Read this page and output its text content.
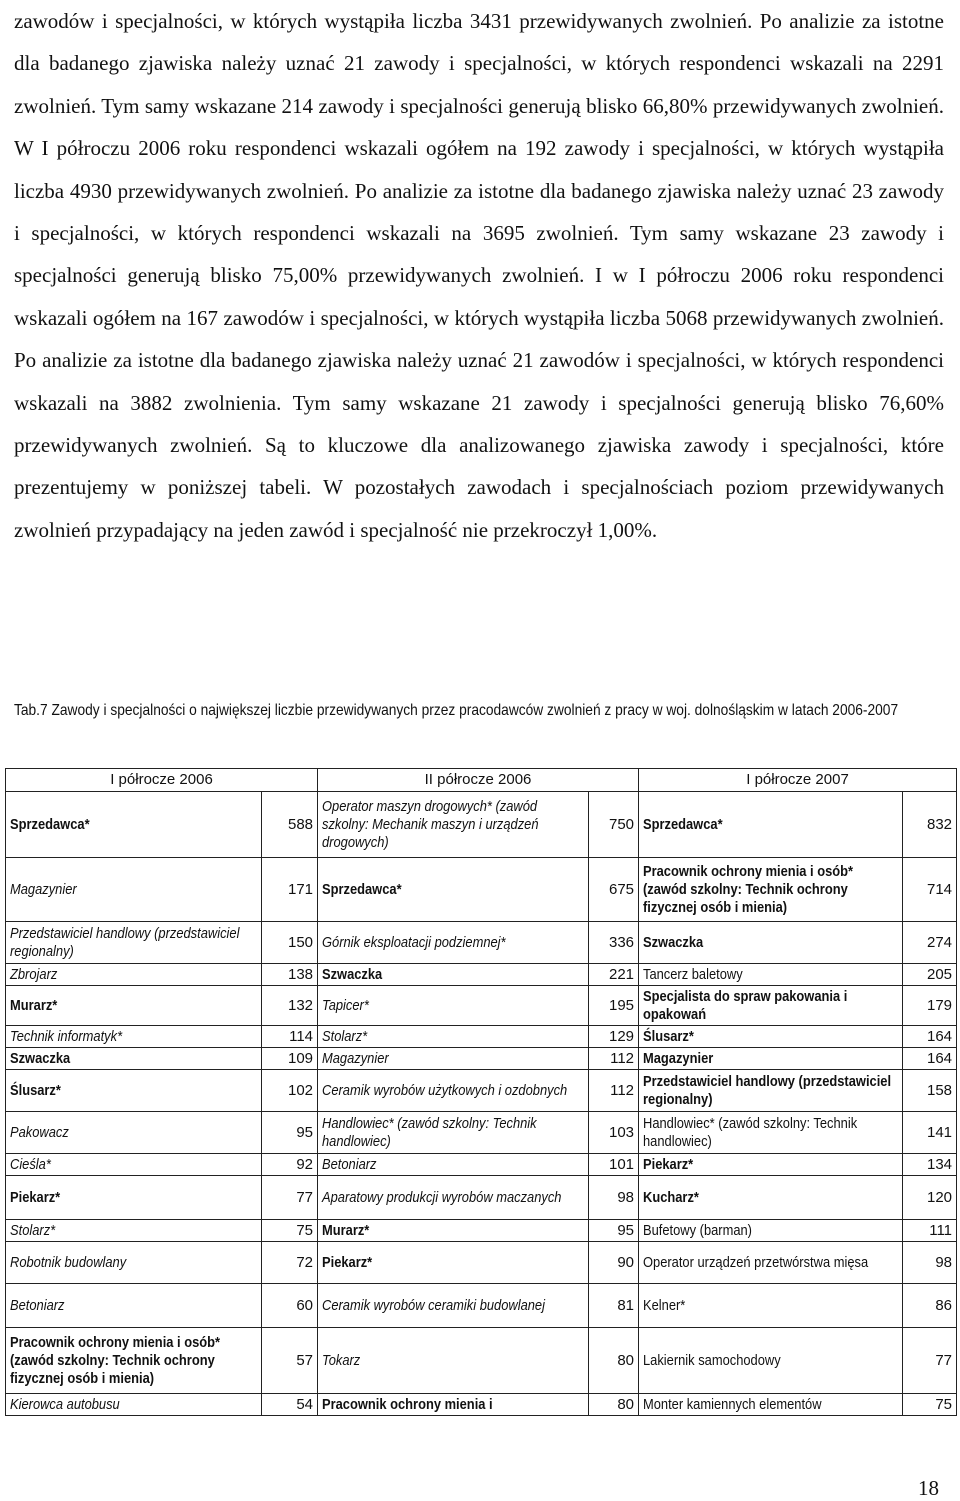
zawodów i specjalności, w których wystąpiła liczba 3431 przewidywanych zwolnień. Po analizie za istotne dla badanego zjawiska należy uznać 21 zawody i specjalności, w których respondenci wskazali na 2291 zwolnień. Tym samy wskazane 214 zawody i specjalności generują blisko 66,80% przewidywanych zwolnień. W I półroczu 2006 roku respondenci wskazali ogółem na 192 zawody i specjalności, w których wystąpiła liczba 4930 przewidywanych zwolnień. Po analizie za istotne dla badanego zjawiska należy uznać 23 zawody i specjalności, w których respondenci wskazali na 3695 zwolnień. Tym samy wskazane 23 zawody i specjalności generują blisko 75,00% przewidywanych zwolnień. I w I półroczu 2006 roku respondenci wskazali ogółem na 167 zawodów i specjalności, w których wystąpiła liczba 5068 przewidywanych zwolnień. Po analizie za istotne dla badanego zjawiska należy uznać 21 zawodów i specjalności, w których respondenci wskazali na 3882 zwolnienia. Tym samy wskazane 21 zawody i specjalności generują blisko 76,60% przewidywanych zwolnień. Są to kluczowe dla analizowanego zjawiska zawody i specjalności, które prezentujemy w poniższej tabeli. W pozostałych zawodach i specjalnościach poziom przewidywanych zwolnień przypadający na jeden zawód i specjalność nie przekroczył 1,00%.

Tab.7 Zawody i specjalności o największej liczbie przewidywanych przez pracodawców zwolnień z pracy w woj. dolnośląskim w latach 2006-2007

I półrocze 2006		II półrocze 2006		I półrocze 2007	
Sprzedawca*	588	Operator maszyn drogowych* (zawód szkolny: Mechanik maszyn i urządzeń drogowych)	750	Sprzedawca*	832
Magazynier	171	Sprzedawca*	675	Pracownik ochrony mienia i osób* (zawód szkolny: Technik ochrony fizycznej osób i mienia)	714
Przedstawiciel handlowy (przedstawiciel regionalny)	150	Górnik eksploatacji podziemnej*	336	Szwaczka	274
Zbrojarz	138	Szwaczka	221	Tancerz baletowy	205
Murarz*	132	Tapicer*	195	Specjalista do spraw pakowania i opakowań	179
Technik informatyk*	114	Stolarz*	129	Ślusarz*	164
Szwaczka	109	Magazynier	112	Magazynier	164
Ślusarz*	102	Ceramik wyrobów użytkowych i ozdobnych	112	Przedstawiciel handlowy (przedstawiciel regionalny)	158
Pakowacz	95	Handlowiec* (zawód szkolny: Technik handlowiec)	103	Handlowiec* (zawód szkolny: Technik handlowiec)	141
Cieśla*	92	Betoniarz	101	Piekarz*	134
Piekarz*	77	Aparatowy produkcji wyrobów maczanych	98	Kucharz*	120
Stolarz*	75	Murarz*	95	Bufetowy (barman)	111
Robotnik budowlany	72	Piekarz*	90	Operator urządzeń przetwórstwa mięsa	98
Betoniarz	60	Ceramik wyrobów ceramiki budowlanej	81	Kelner*	86
Pracownik ochrony mienia i osób* (zawód szkolny: Technik ochrony fizycznej osób i mienia)	57	Tokarz	80	Lakiernik samochodowy	77
Kierowca autobusu	54	Pracownik ochrony mienia i	80	Monter kamiennych elementów	75
18
